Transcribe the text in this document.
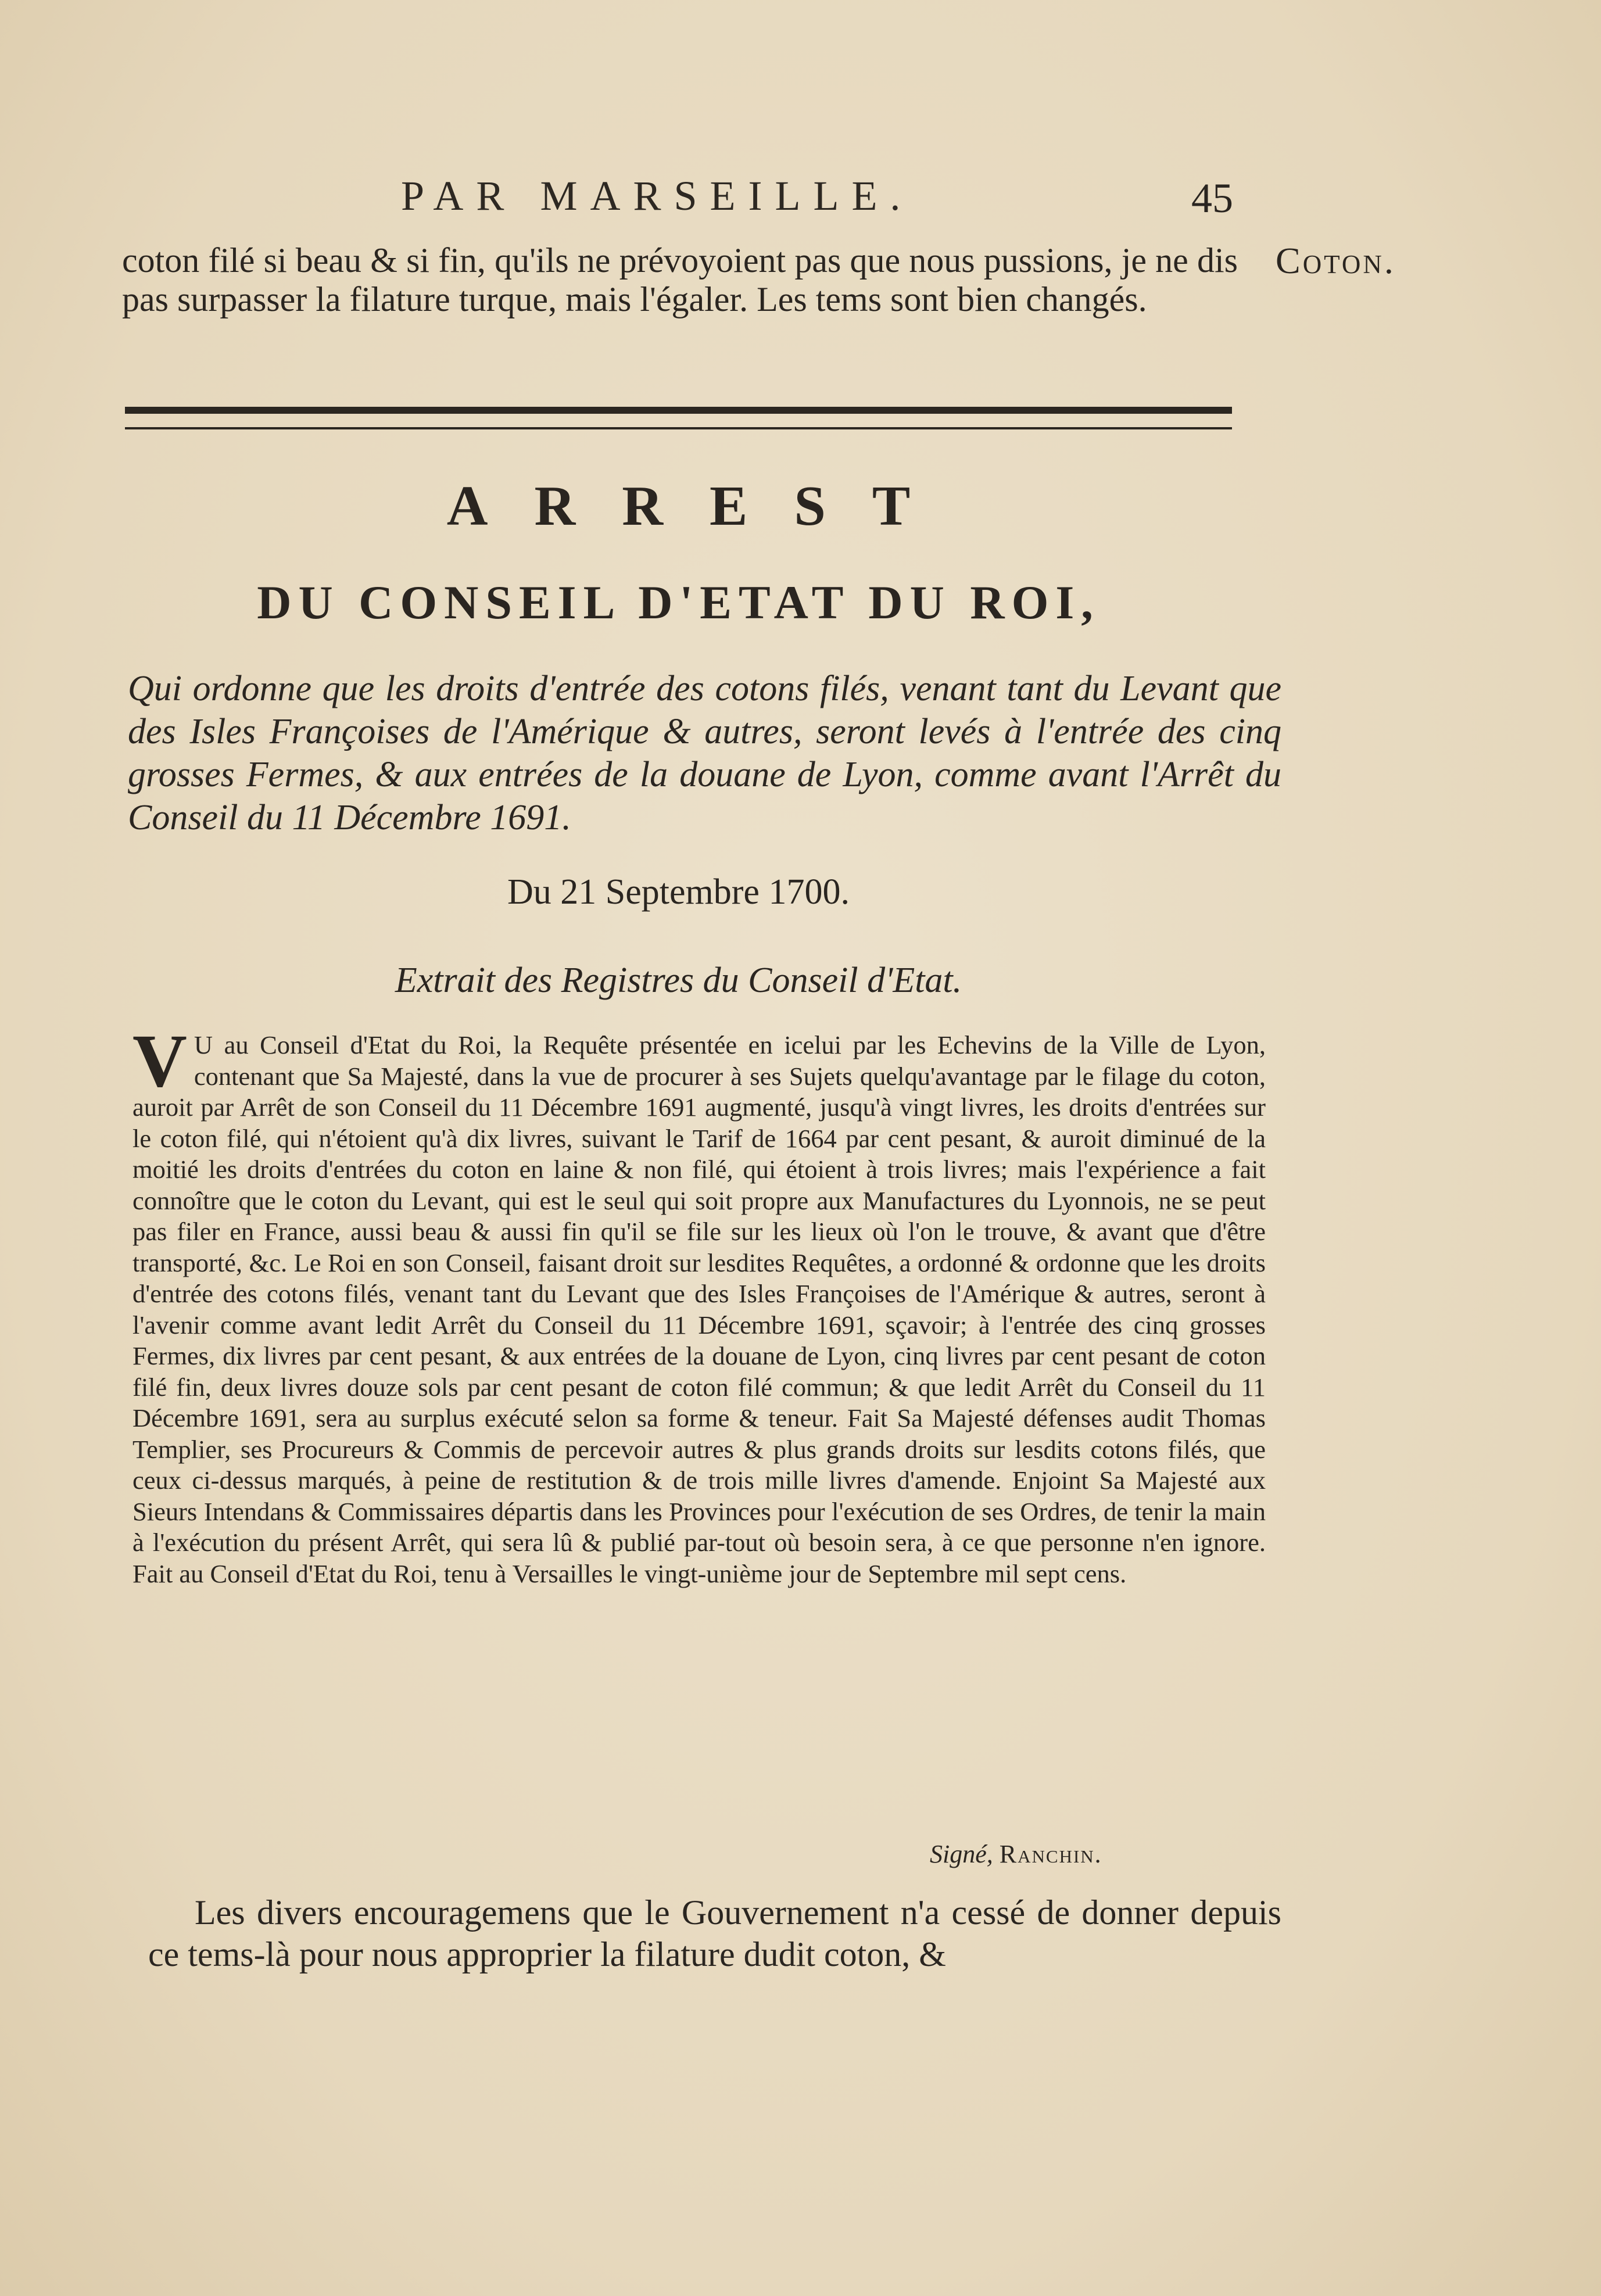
PAR MARSEILLE.	45
Coton.
coton filé si beau & si fin, qu'ils ne prévoyoient pas que nous pussions, je ne dis pas surpasser la filature turque, mais l'égaler. Les tems sont bien changés.
ARREST
DU CONSEIL D'ETAT DU ROI,
Qui ordonne que les droits d'entrée des cotons filés, venant tant du Levant que des Isles Françoises de l'Amérique & autres, seront levés à l'entrée des cinq grosses Fermes, & aux entrées de la douane de Lyon, comme avant l'Arrêt du Conseil du 11 Décembre 1691.
Du 21 Septembre 1700.
Extrait des Registres du Conseil d'Etat.
V U au Conseil d'Etat du Roi, la Requête présentée en icelui par les Echevins de la Ville de Lyon, contenant que Sa Majesté, dans la vue de procurer à ses Sujets quelqu'avantage par le filage du coton, auroit par Arrêt de son Conseil du 11 Décembre 1691 augmenté, jusqu'à vingt livres, les droits d'entrées sur le coton filé, qui n'étoient qu'à dix livres, suivant le Tarif de 1664 par cent pesant, & auroit diminué de la moitié les droits d'entrées du coton en laine & non filé, qui étoient à trois livres; mais l'expérience a fait connoître que le coton du Levant, qui est le seul qui soit propre aux Manufactures du Lyonnois, ne se peut pas filer en France, aussi beau & aussi fin qu'il se file sur les lieux où l'on le trouve, & avant que d'être transporté, &c. Le Roi en son Conseil, faisant droit sur lesdites Requêtes, a ordonné & ordonne que les droits d'entrée des cotons filés, venant tant du Levant que des Isles Françoises de l'Amérique & autres, seront à l'avenir comme avant ledit Arrêt du Conseil du 11 Décembre 1691, sçavoir; à l'entrée des cinq grosses Fermes, dix livres par cent pesant, & aux entrées de la douane de Lyon, cinq livres par cent pesant de coton filé fin, deux livres douze sols par cent pesant de coton filé commun; & que ledit Arrêt du Conseil du 11 Décembre 1691, sera au surplus exécuté selon sa forme & teneur. Fait Sa Majesté défenses audit Thomas Templier, ses Procureurs & Commis de percevoir autres & plus grands droits sur lesdits cotons filés, que ceux ci-dessus marqués, à peine de restitution & de trois mille livres d'amende. Enjoint Sa Majesté aux Sieurs Intendans & Commissaires départis dans les Provinces pour l'exécution de ses Ordres, de tenir la main à l'exécution du présent Arrêt, qui sera lû & publié par-tout où besoin sera, à ce que personne n'en ignore. Fait au Conseil d'Etat du Roi, tenu à Versailles le vingt-unième jour de Septembre mil sept cens.
Signé, Ranchin.
Les divers encouragemens que le Gouvernement n'a cessé de donner depuis ce tems-là pour nous approprier la filature dudit coton, &
